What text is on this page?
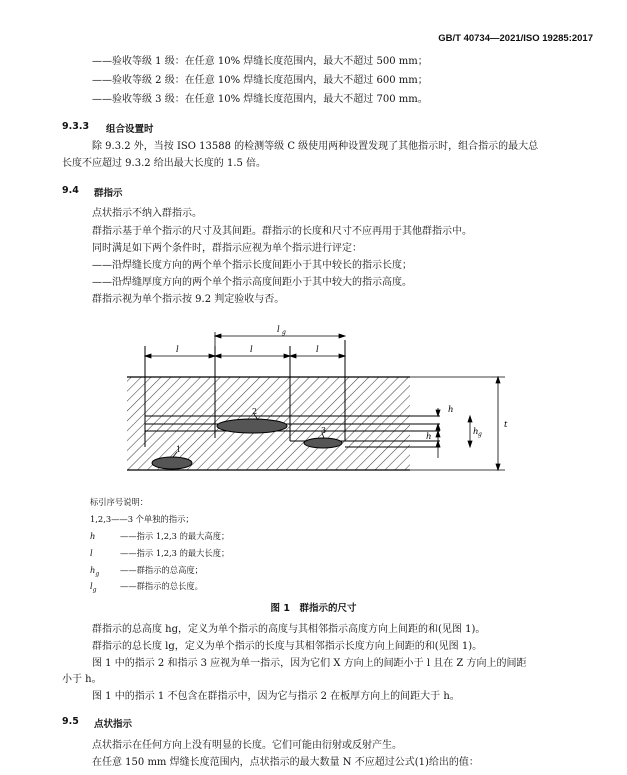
GB/T 40734—2021/ISO 19285:2017
——验收等级 1 级：在任意 10% 焊缝长度范围内，最大不超过 500 mm；
——验收等级 2 级：在任意 10% 焊缝长度范围内，最大不超过 600 mm；
——验收等级 3 级：在任意 10% 焊缝长度范围内，最大不超过 700 mm。
9.3.3 组合设置时
除 9.3.2 外，当按 ISO 13588 的检测等级 C 级使用两种设置发现了其他指示时，组合指示的最大总
长度不应超过 9.3.2 给出最大长度的 1.5 倍。
9.4 群指示
点状指示不纳入群指示。
群指示基于单个指示的尺寸及其间距。群指示的长度和尺寸不应再用于其他群指示中。
同时满足如下两个条件时，群指示应视为单个指示进行评定：
——沿焊缝长度方向的两个单个指示长度间距小于其中较长的指示长度；
——沿焊缝厚度方向的两个单个指示高度间距小于其中较大的指示高度。
群指示视为单个指示按 9.2 判定验收与否。
2
3
1
l g
l	l	l
h
h	h g
t
标引序号说明：
1,2,3——3 个单独的指示；
h	——指示 1,2,3 的最大高度；
l	——指示 1,2,3 的最大长度；
$h_g$	——群指示的总高度；
$l_g$	——群指示的总长度。
图 1　群指示的尺寸
群指示的总高度 hg，定义为单个指示的高度与其相邻指示高度方向上间距的和(见图 1)。
群指示的总长度 lg，定义为单个指示的长度与其相邻指示长度方向上间距的和(见图 1)。
图 1 中的指示 2 和指示 3 应视为单一指示，因为它们 X 方向上的间距小于 l 且在 Z 方向上的间距
小于 h。
图 1 中的指示 1 不包含在群指示中，因为它与指示 2 在板厚方向上的间距大于 h。
9.5 点状指示
点状指示在任何方向上没有明显的长度。它们可能由衍射或反射产生。
在任意 150 mm 焊缝长度范围内，点状指示的最大数量 N 不应超过公式(1)给出的值：
